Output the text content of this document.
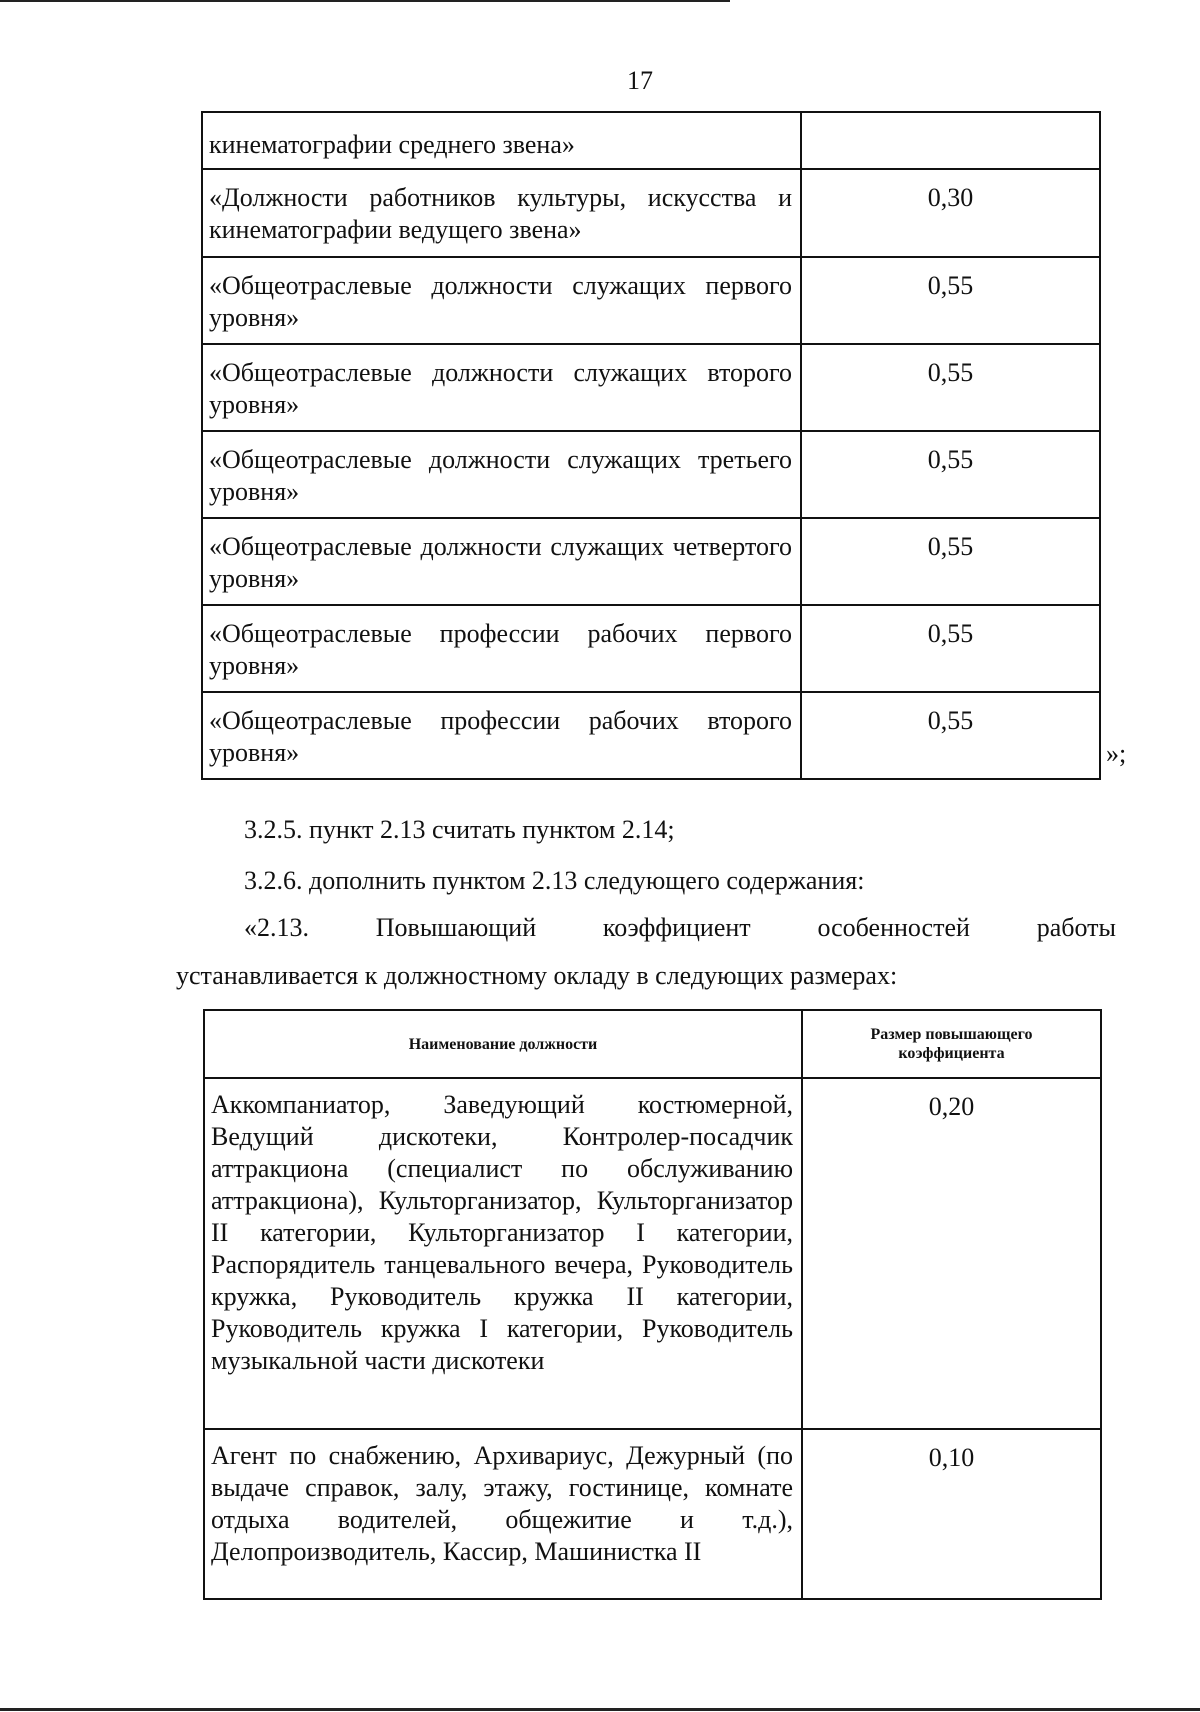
17
кинематографии среднего звена»	

«Должности работников культуры, искусства и кинематографии ведущего звена»	0,30

«Общеотраслевые должности служащих первого уровня»	0,55

«Общеотраслевые должности служащих второго уровня»	0,55

«Общеотраслевые должности служащих третьего уровня»	0,55

«Общеотраслевые должности служащих четвертого уровня»	0,55

«Общеотраслевые профессии рабочих первого уровня»	0,55

«Общеотраслевые профессии рабочих второго уровня»	0,55
»;
3.2.5. пункт 2.13 считать пунктом 2.14;
3.2.6. дополнить пунктом 2.13 следующего содержания:
«2.13.	Повышающий	коэффициент	особенностей	работы
устанавливается к должностному окладу в следующих размерах:
Наименование должности	Размер повышающего коэффициента

Аккомпаниатор, Заведующий костюмерной, Ведущий дискотеки, Контролер-посадчик аттракциона (специалист по обслуживанию аттракциона), Культорганизатор, Культорганизатор II категории, Культорганизатор I категории, Распорядитель танцевального вечера, Руководитель кружка, Руководитель кружка II категории, Руководитель кружка I категории, Руководитель музыкальной части дискотеки	0,20

Агент по снабжению, Архивариус, Дежурный (по выдаче справок, залу, этажу, гостинице, комнате отдыха водителей, общежитие и т.д.), Делопроизводитель, Кассир, Машинистка II	0,10
